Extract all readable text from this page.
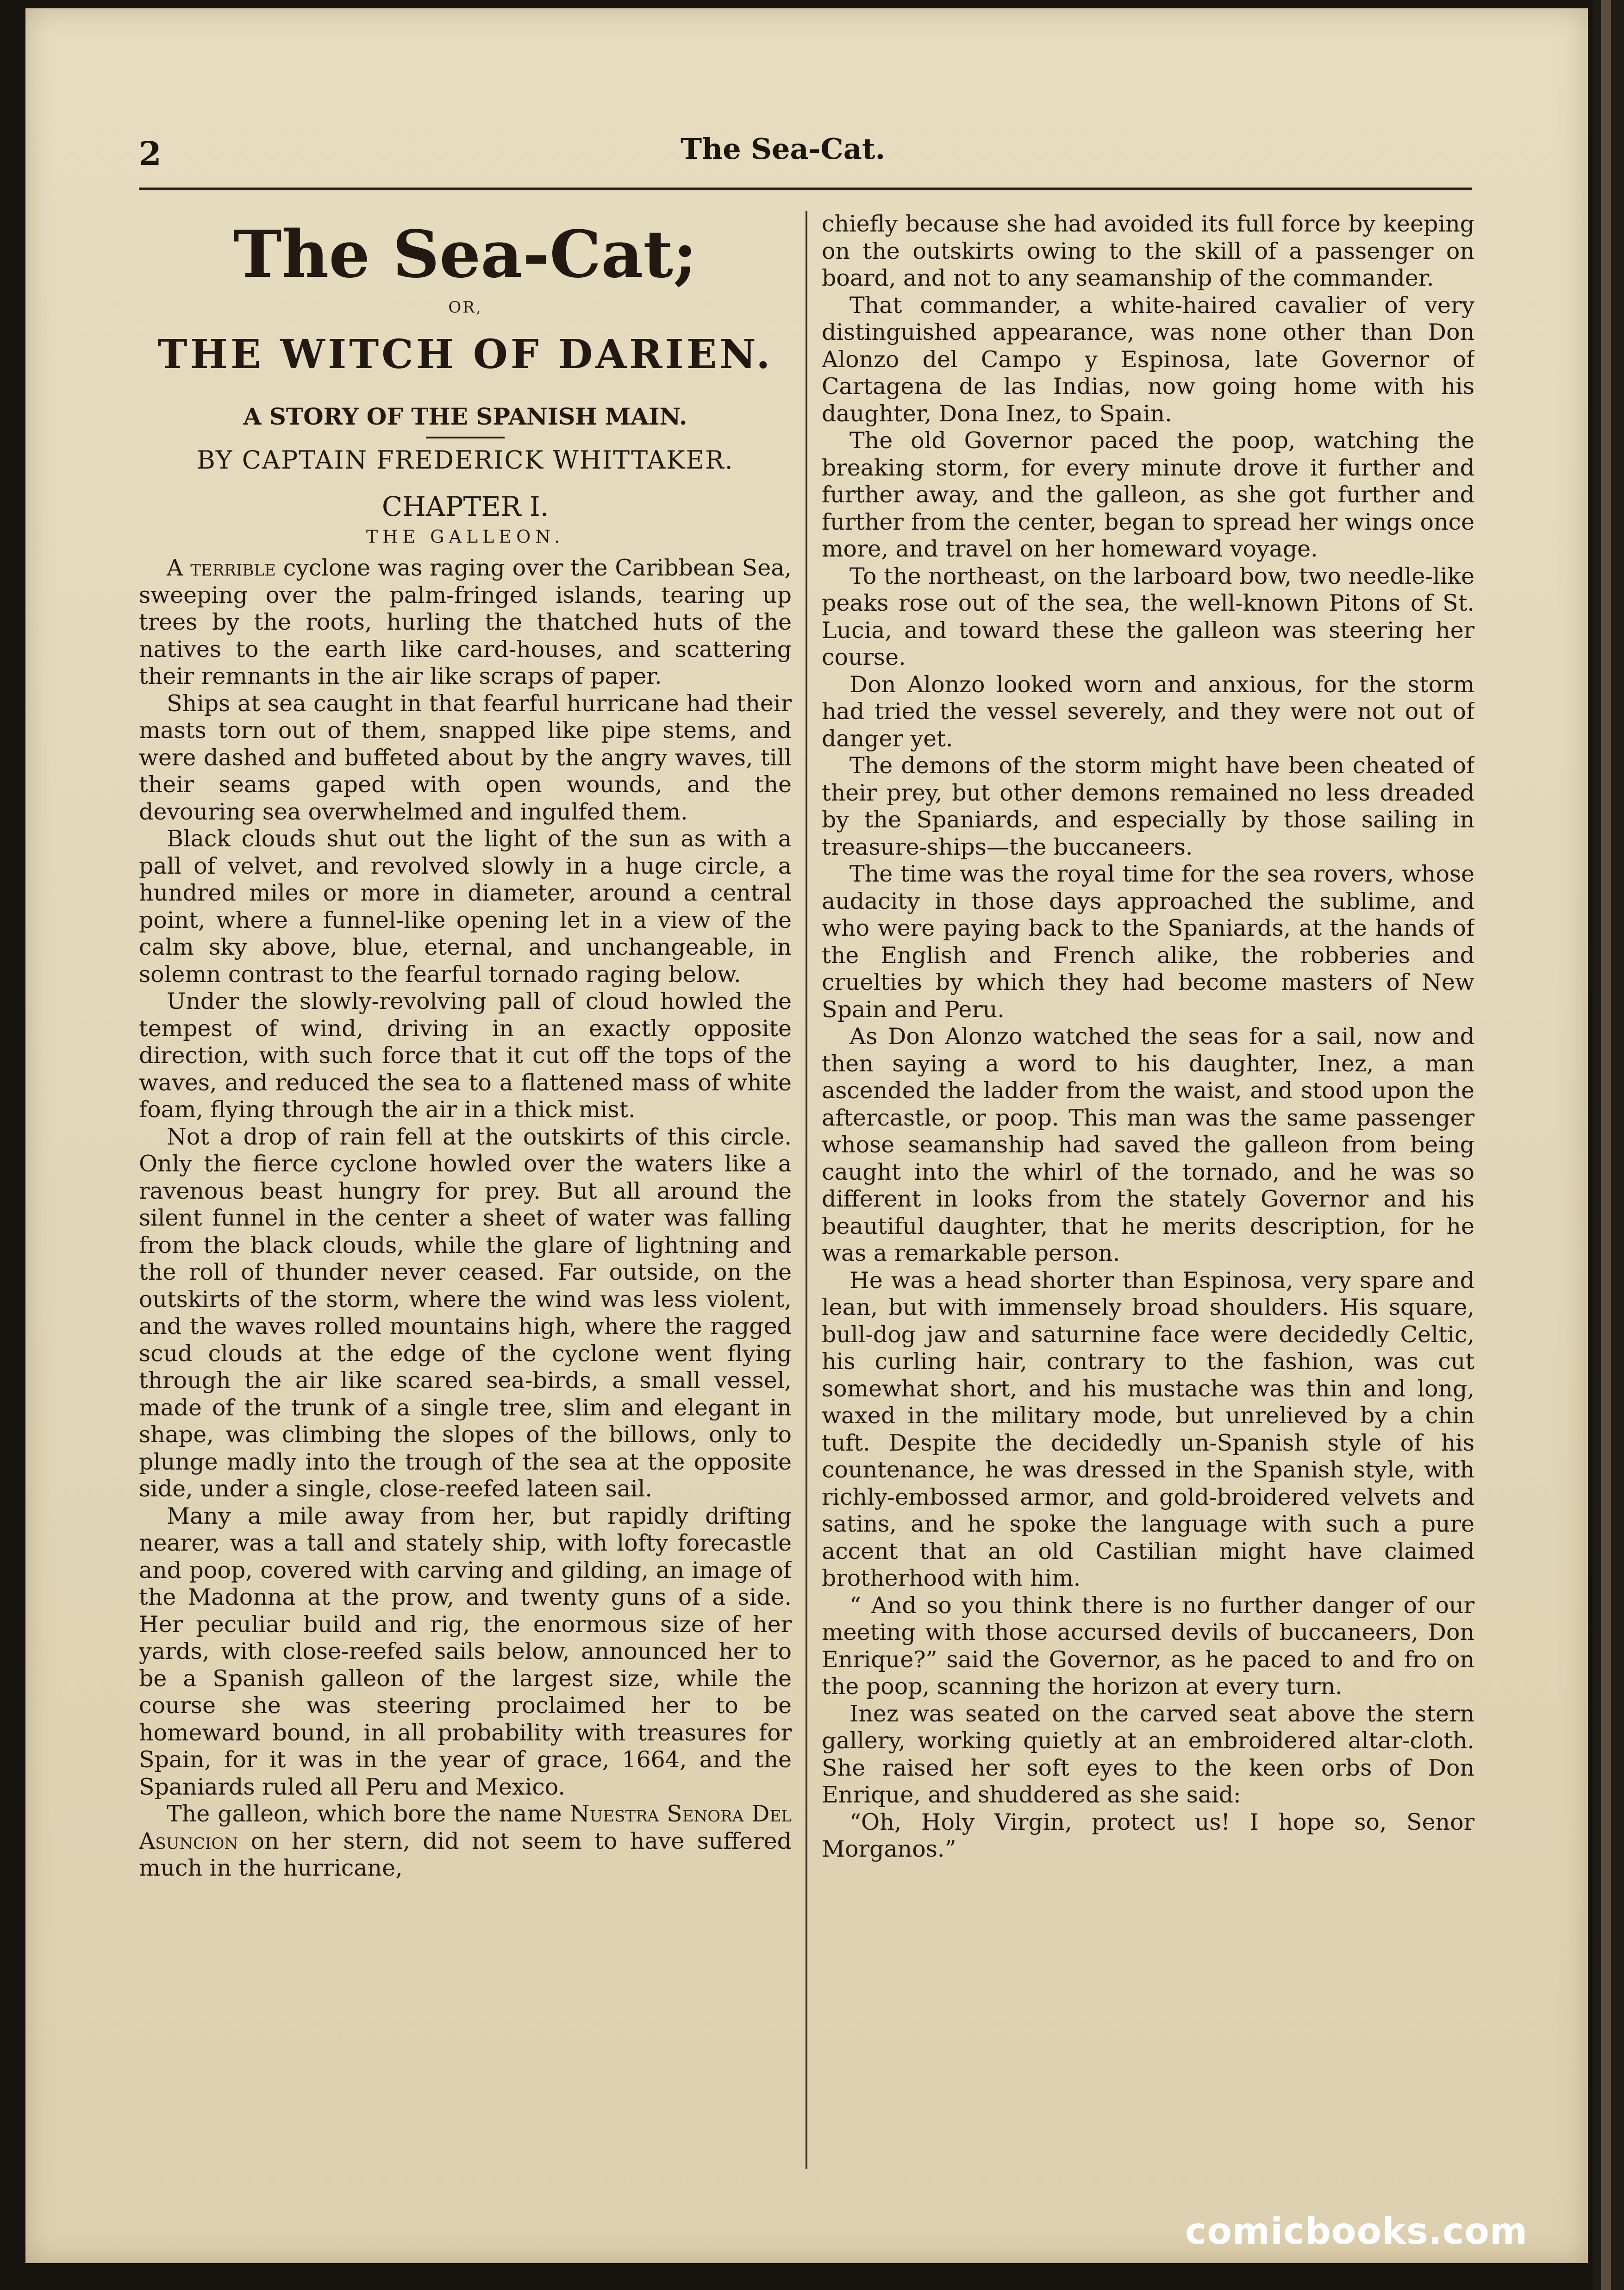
2	The Sea-Cat.
The Sea-Cat;
OR,
THE WITCH OF DARIEN.
A STORY OF THE SPANISH MAIN.
BY CAPTAIN FREDERICK WHITTAKER.
CHAPTER I.
THE GALLEON.

A terrible cyclone was raging over the Caribbean Sea, sweeping over the palm-fringed islands, tearing up trees by the roots, hurling the thatched huts of the natives to the earth like card-houses, and scattering their remnants in the air like scraps of paper.

Ships at sea caught in that fearful hurricane had their masts torn out of them, snapped like pipe stems, and were dashed and buffeted about by the angry waves, till their seams gaped with open wounds, and the devouring sea overwhelmed and ingulfed them.

Black clouds shut out the light of the sun as with a pall of velvet, and revolved slowly in a huge circle, a hundred miles or more in diameter, around a central point, where a funnel-like opening let in a view of the calm sky above, blue, eternal, and unchangeable, in solemn contrast to the fearful tornado raging below.

Under the slowly-revolving pall of cloud howled the tempest of wind, driving in an exactly opposite direction, with such force that it cut off the tops of the waves, and reduced the sea to a flattened mass of white foam, flying through the air in a thick mist.

Not a drop of rain fell at the outskirts of this circle. Only the fierce cyclone howled over the waters like a ravenous beast hungry for prey. But all around the silent funnel in the center a sheet of water was falling from the black clouds, while the glare of lightning and the roll of thunder never ceased. Far outside, on the outskirts of the storm, where the wind was less violent, and the waves rolled mountains high, where the ragged scud clouds at the edge of the cyclone went flying through the air like scared sea-birds, a small vessel, made of the trunk of a single tree, slim and elegant in shape, was climbing the slopes of the billows, only to plunge madly into the trough of the sea at the opposite side, under a single, close-reefed lateen sail.

Many a mile away from her, but rapidly drifting nearer, was a tall and stately ship, with lofty forecastle and poop, covered with carving and gilding, an image of the Madonna at the prow, and twenty guns of a side. Her peculiar build and rig, the enormous size of her yards, with close-reefed sails below, announced her to be a Spanish galleon of the largest size, while the course she was steering proclaimed her to be homeward bound, in all probability with treasures for Spain, for it was in the year of grace, 1664, and the Spaniards ruled all Peru and Mexico.

The galleon, which bore the name Nuestra Senora Del Asuncion on her stern, did not seem to have suffered much in the hurricane,

chiefly because she had avoided its full force by keeping on the outskirts owing to the skill of a passenger on board, and not to any seamanship of the commander.

That commander, a white-haired cavalier of very distinguished appearance, was none other than Don Alonzo del Campo y Espinosa, late Governor of Cartagena de las Indias, now going home with his daughter, Dona Inez, to Spain.

The old Governor paced the poop, watching the breaking storm, for every minute drove it further and further away, and the galleon, as she got further and further from the center, began to spread her wings once more, and travel on her homeward voyage.

To the northeast, on the larboard bow, two needle-like peaks rose out of the sea, the well-known Pitons of St. Lucia, and toward these the galleon was steering her course.

Don Alonzo looked worn and anxious, for the storm had tried the vessel severely, and they were not out of danger yet.

The demons of the storm might have been cheated of their prey, but other demons remained no less dreaded by the Spaniards, and especially by those sailing in treasure-ships—the buccaneers.

The time was the royal time for the sea rovers, whose audacity in those days approached the sublime, and who were paying back to the Spaniards, at the hands of the English and French alike, the robberies and cruelties by which they had become masters of New Spain and Peru.

As Don Alonzo watched the seas for a sail, now and then saying a word to his daughter, Inez, a man ascended the ladder from the waist, and stood upon the aftercastle, or poop. This man was the same passenger whose seamanship had saved the galleon from being caught into the whirl of the tornado, and he was so different in looks from the stately Governor and his beautiful daughter, that he merits description, for he was a remarkable person.

He was a head shorter than Espinosa, very spare and lean, but with immensely broad shoulders. His square, bull-dog jaw and saturnine face were decidedly Celtic, his curling hair, contrary to the fashion, was cut somewhat short, and his mustache was thin and long, waxed in the military mode, but unrelieved by a chin tuft. Despite the decidedly un-Spanish style of his countenance, he was dressed in the Spanish style, with richly-embossed armor, and gold-broidered velvets and satins, and he spoke the language with such a pure accent that an old Castilian might have claimed brotherhood with him.

“ And so you think there is no further danger of our meeting with those accursed devils of buccaneers, Don Enrique?” said the Governor, as he paced to and fro on the poop, scanning the horizon at every turn.

Inez was seated on the carved seat above the stern gallery, working quietly at an embroidered altar-cloth. She raised her soft eyes to the keen orbs of Don Enrique, and shuddered as she said:

“Oh, Holy Virgin, protect us! I hope so, Senor Morganos.”

comicbooks.com
